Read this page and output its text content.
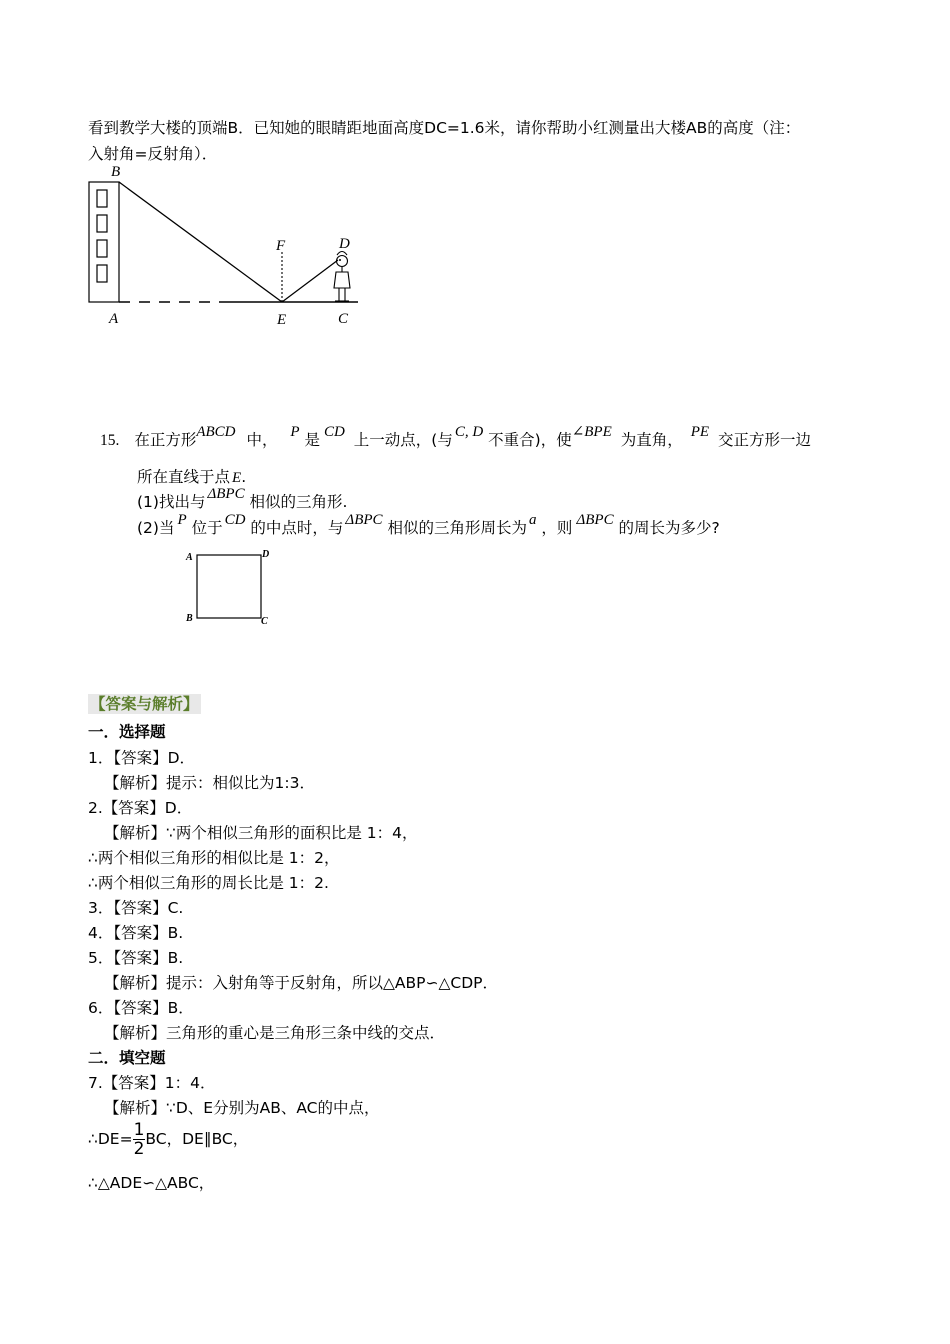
看到教学大楼的顶端B．已知她的眼睛距地面高度DC=1.6米，请你帮助小红测量出大楼AB的高度（注：
入射角=反射角）．
B
A	E
F	D
C
15. 在正方形ABCD 中， P 是 CD 上一动点，(与 C, D 不重合)，使∠BPE 为直角， PE 交正方形一边
所在直线于点 E.
(1)找出与 ΔBPC 相似的三角形.
(2)当 P 位于 CD 的中点时，与 ΔBPC 相似的三角形周长为 a ，则 ΔBPC 的周长为多少?
A	D
B	C
【答案与解析】
一．选择题
1．【答案】D．
【解析】提示：相似比为1:3．
2.【答案】D．
【解析】∵两个相似三角形的面积比是 1：4，
∴两个相似三角形的相似比是 1：2，
∴两个相似三角形的周长比是 1：2.
3．【答案】C.
4．【答案】B.
5．【答案】B.
【解析】提示：入射角等于反射角，所以△ABP∽△CDP．
6．【答案】B．
【解析】三角形的重心是三角形三条中线的交点．
二．填空题
7.【答案】1：4．
【解析】∵D、E分别为AB、AC的中点，
∴DE= $\frac{1}{2}$ BC，DE∥BC，
∴△ADE∽△ABC，
